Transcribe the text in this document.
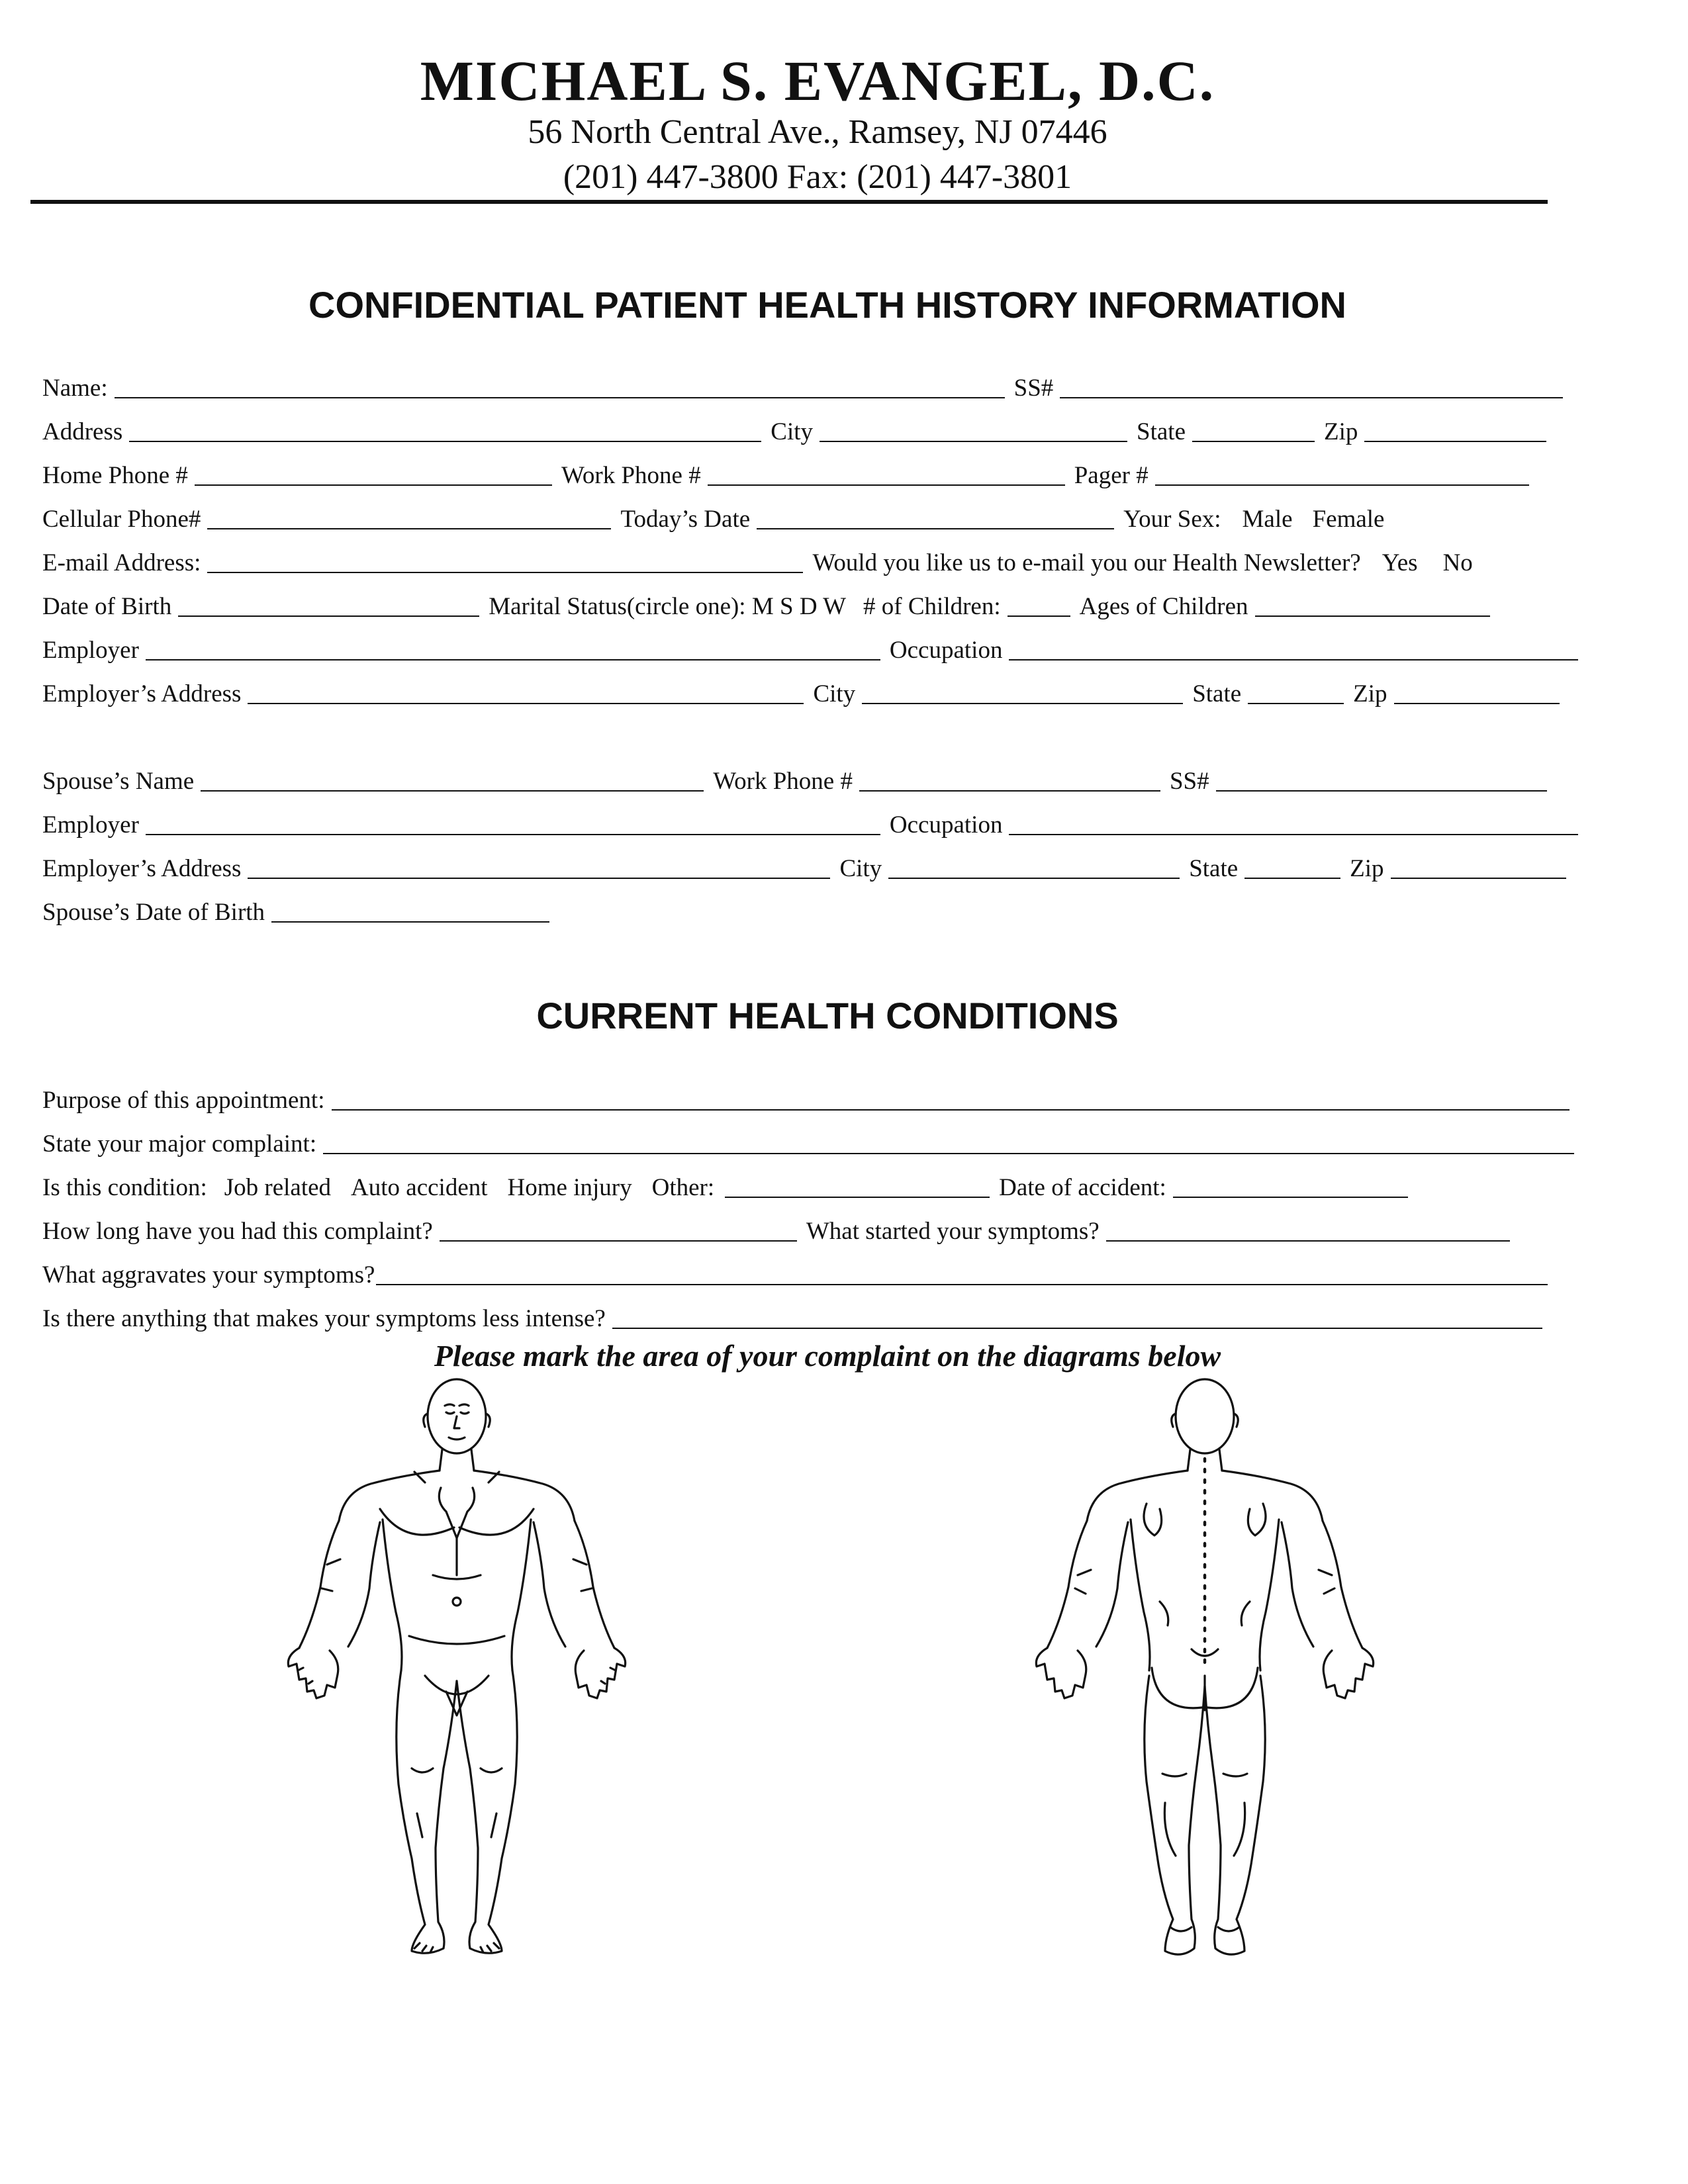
MICHAEL S. EVANGEL, D.C.
56 North Central Ave., Ramsey, NJ 07446
(201) 447-3800 Fax: (201) 447-3801
CONFIDENTIAL PATIENT HEALTH HISTORY INFORMATION
Name:	SS#
Address	City	State	Zip
Home Phone #	Work Phone #	Pager #
Cellular Phone#	Today’s Date	Your Sex: Male Female
E-mail Address:	Would you like us to e-mail you our Health Newsletter? Yes	No
Date of Birth	Marital Status(circle one): M S D W # of Children:	Ages of Children
Employer	Occupation
Employer’s Address	City	State	Zip
Spouse’s Name	Work Phone #	SS#
Employer	Occupation
Employer’s Address	City	State	Zip
Spouse’s Date of Birth
CURRENT HEALTH CONDITIONS
Purpose of this appointment:
State your major complaint:
Is this condition: Job related Auto accident Home injury Other:	Date of accident:
How long have you had this complaint?	What started your symptoms?
What aggravates your symptoms?
Is there anything that makes your symptoms less intense?
Please mark the area of your complaint on the diagrams below
